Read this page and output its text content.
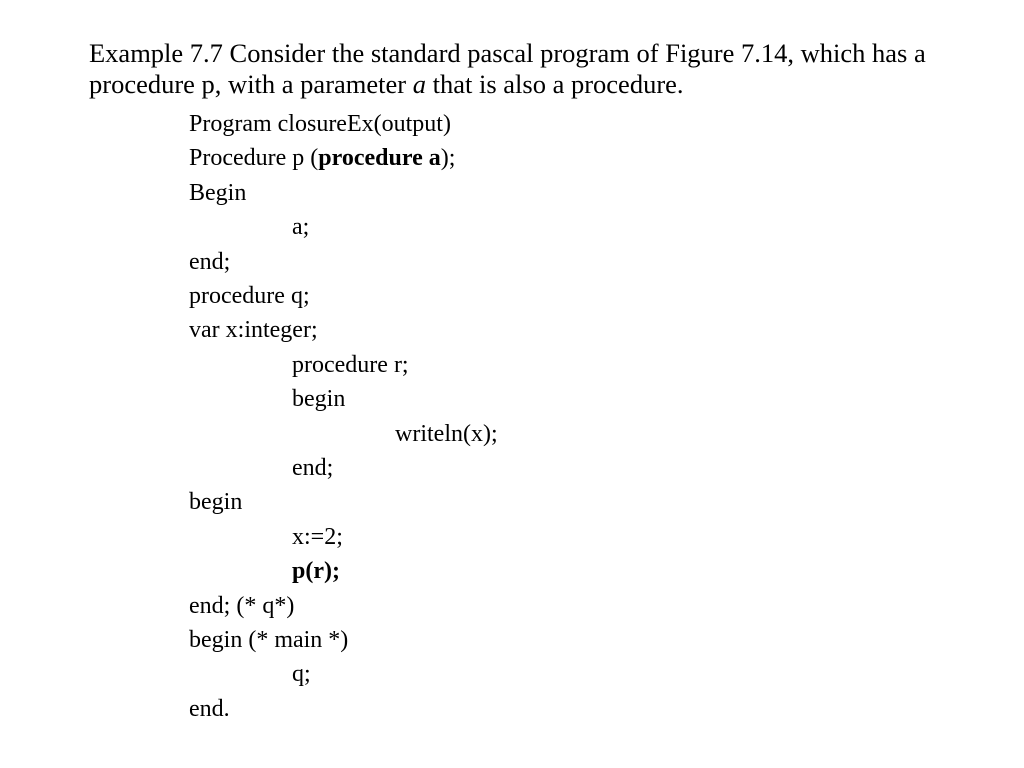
Example 7.7 Consider the standard pascal program of Figure 7.14, which has a procedure p, with a parameter a that is also a procedure.

Program closureEx(output)
Procedure p (procedure a);
Begin
a;
end;
procedure q;
var x:integer;
procedure r;
begin
writeln(x);
end;
begin
x:=2;
p(r);
end; (* q*)
begin (* main *)
q;
end.
